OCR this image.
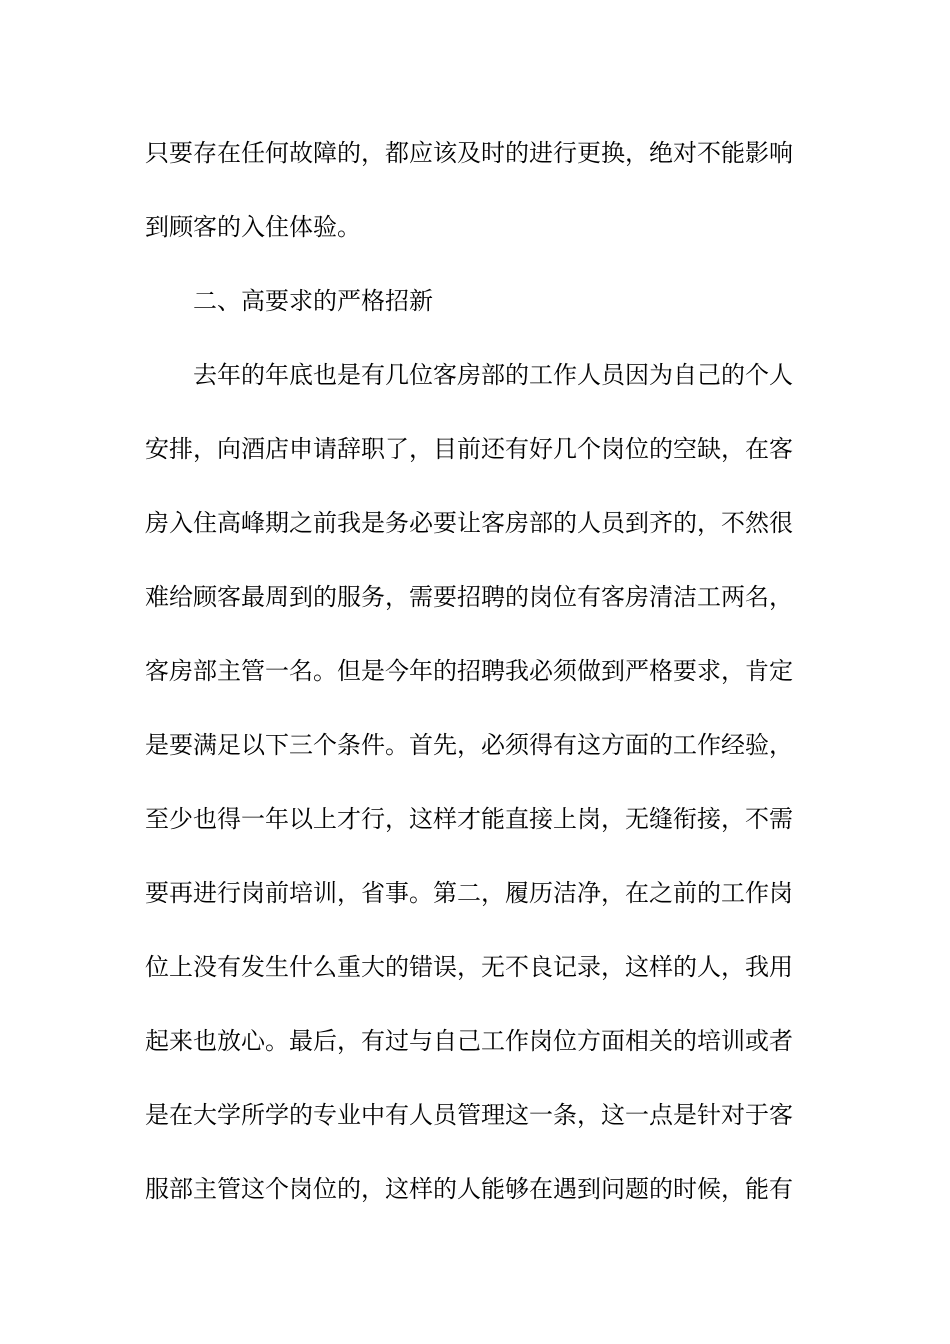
只要存在任何故障的，都应该及时的进行更换，绝对不能影响
到顾客的入住体验。
二、高要求的严格招新
去年的年底也是有几位客房部的工作人员因为自己的个人
安排，向酒店申请辞职了，目前还有好几个岗位的空缺，在客
房入住高峰期之前我是务必要让客房部的人员到齐的，不然很
难给顾客最周到的服务，需要招聘的岗位有客房清洁工两名，
客房部主管一名。但是今年的招聘我必须做到严格要求，肯定
是要满足以下三个条件。首先，必须得有这方面的工作经验，
至少也得一年以上才行，这样才能直接上岗，无缝衔接，不需
要再进行岗前培训，省事。第二，履历洁净，在之前的工作岗
位上没有发生什么重大的错误，无不良记录，这样的人，我用
起来也放心。最后，有过与自己工作岗位方面相关的培训或者
是在大学所学的专业中有人员管理这一条，这一点是针对于客
服部主管这个岗位的，这样的人能够在遇到问题的时候，能有
